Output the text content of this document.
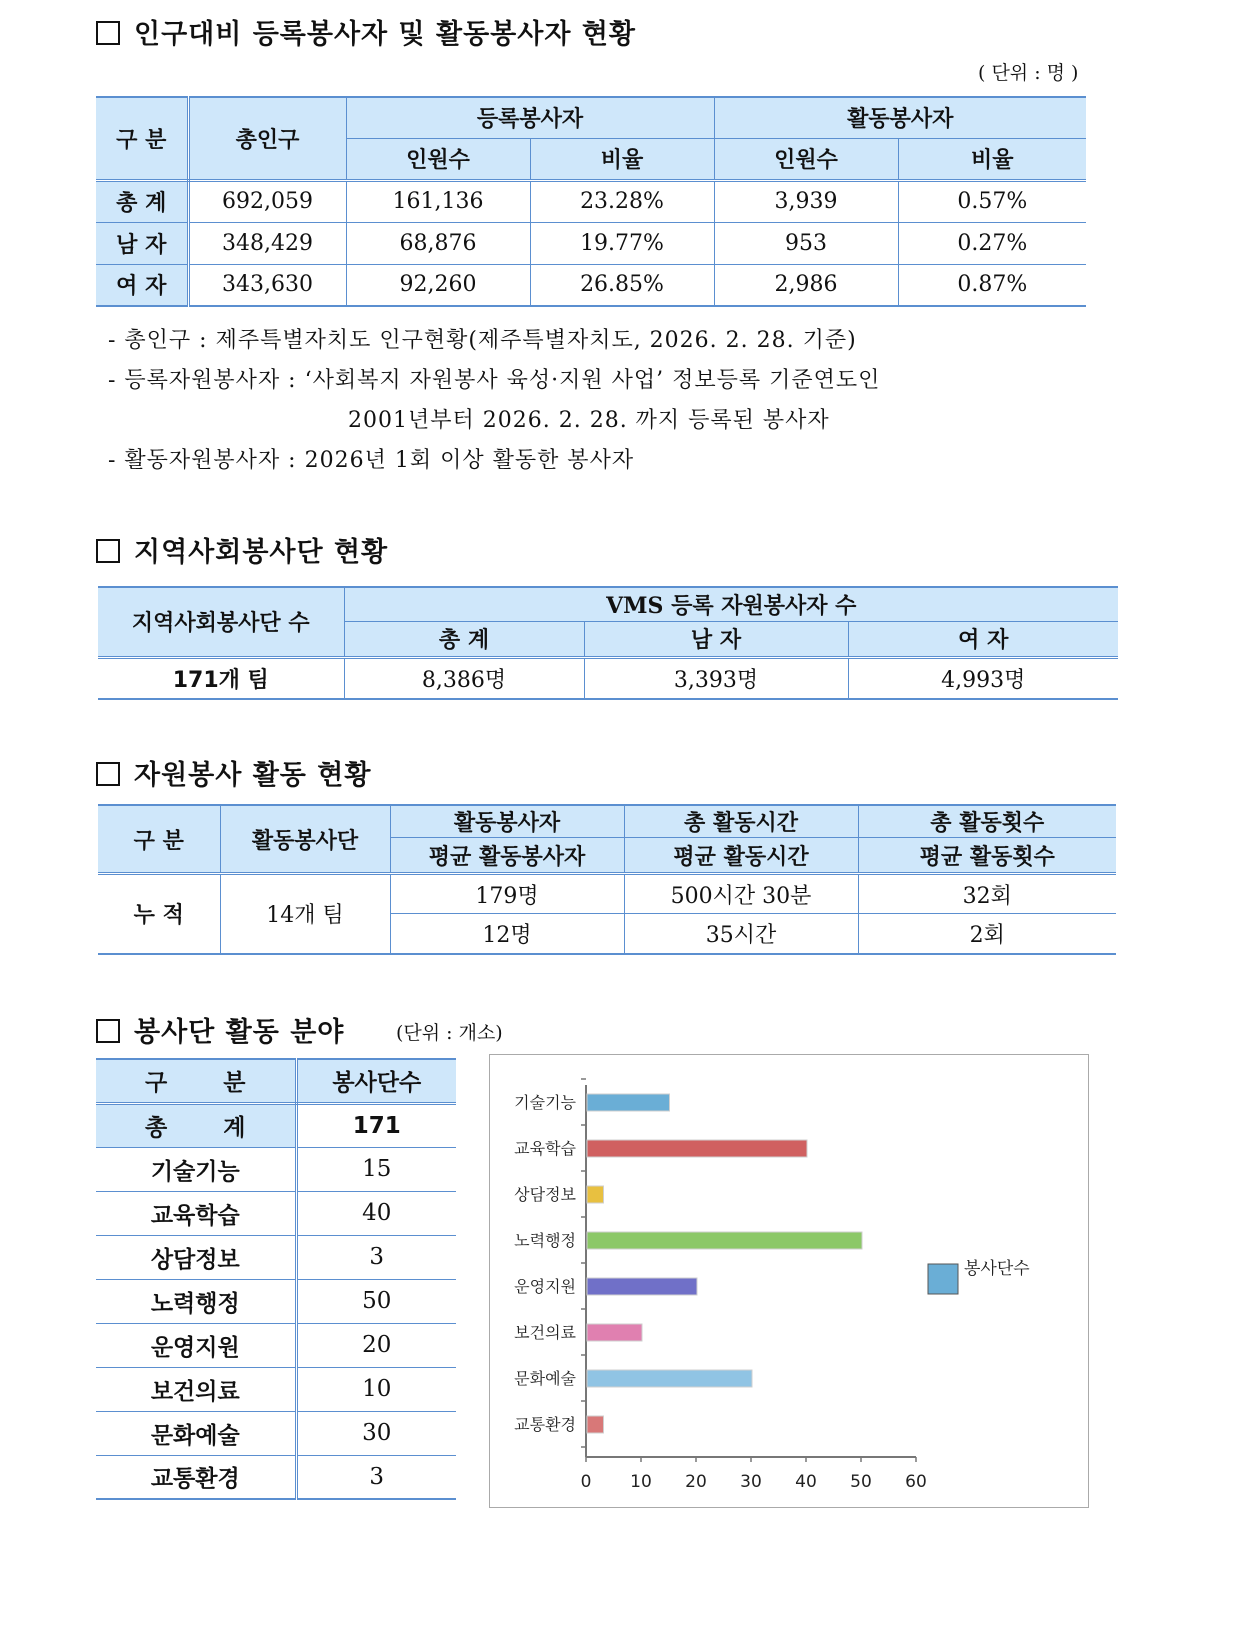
인구대비 등록봉사자 및 활동봉사자 현황
( 단위 : 명 )
구 분	총인구	등록봉사자		활동봉사자	
		인원수	비율	인원수	비율
총 계	692,059	161,136	23.28%	3,939	0.57%
남 자	348,429	68,876	19.77%	953	0.27%
여 자	343,630	92,260	26.85%	2,986	0.87%
- 총인구 : 제주특별자치도 인구현황(제주특별자치도, 2026. 2. 28. 기준)
- 등록자원봉사자 : ‘사회복지 자원봉사 육성·지원 사업’ 정보등록 기준연도인
2001년부터 2026. 2. 28. 까지 등록된 봉사자
- 활동자원봉사자 : 2026년 1회 이상 활동한 봉사자
지역사회봉사단 현황
지역사회봉사단 수	VMS 등록 자원봉사자 수		
	총 계	남 자	여 자
171개 팀	8,386명	3,393명	4,993명
자원봉사 활동 현황
구 분	활동봉사단	활동봉사자	총 활동시간	총 활동횟수
		평균 활동봉사자	평균 활동시간	평균 활동횟수
누 적	14개 팀	179명	500시간 30분	32회
		12명	35시간	2회
봉사단 활동 분야	(단위 : 개소)
구       분	봉사단수
총       계	171
기술기능	15
교육학습	40
상담정보	3
노력행정	50
운영지원	20
보건의료	10
문화예술	30
교통환경	3	0 10 20 30 40 50 60
기술기능
교육학습
상담정보
노력행정
운영지원
보건의료
문화예술
교통환경
봉사단수
